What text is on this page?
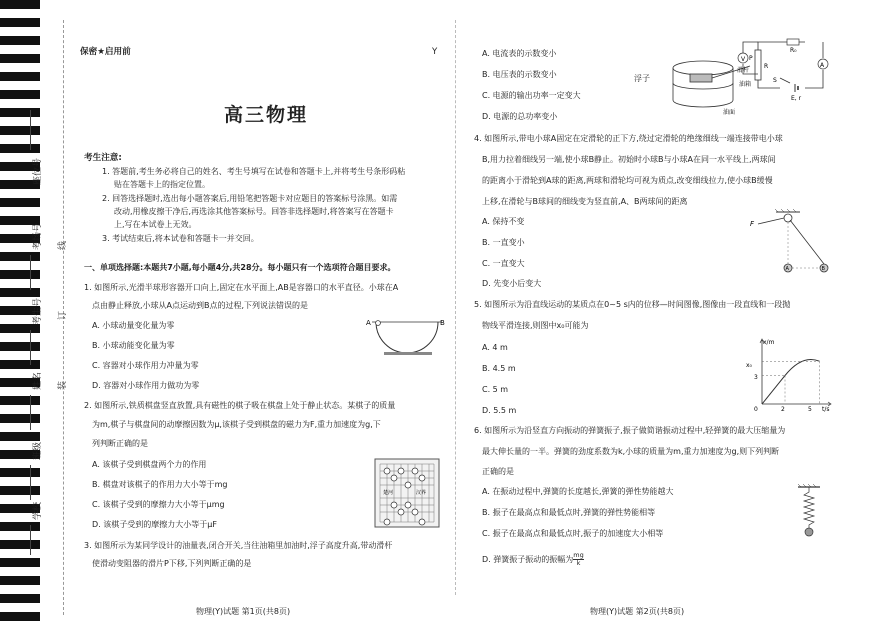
座位号
考场号
考生号
姓名
班级
学校
线
订
装
保密★启用前	Y
高三物理
考生注意:
1. 答题前,考生务必将自己的姓名、考生号填写在试卷和答题卡上,并将考生号条形码粘
贴在答题卡上的指定位置。
2. 回答选择题时,选出每小题答案后,用铅笔把答题卡对应题目的答案标号涂黑。如需
改动,用橡皮擦干净后,再选涂其他答案标号。回答非选择题时,将答案写在答题卡
上,写在本试卷上无效。
3. 考试结束后,将本试卷和答题卡一并交回。
一、单项选择题:本题共7小题,每小题4分,共28分。每小题只有一个选项符合题目要求。
1. 如图所示,光滑半球形容器开口向上,固定在水平面上,AB是容器口的水平直径。小球在A
点由静止释放,小球从A点运动到B点的过程,下列说法错误的是
A. 小球动量变化量为零
B. 小球动能变化量为零
C. 容器对小球作用力冲量为零
D. 容器对小球作用力做功为零
A	B
2. 如图所示,铁质棋盘竖直放置,具有磁性的棋子吸在棋盘上处于静止状态。某棋子的质量
为m,棋子与棋盘间的动摩擦因数为μ,该棋子受到棋盘的磁力为F,重力加速度为g,下
列判断正确的是
A. 该棋子受到棋盘两个力的作用
B. 棋盘对该棋子的作用力大小等于mg
C. 该棋子受到的摩擦力大小等于μmg
D. 该棋子受到的摩擦力大小等于μF
楚河	汉界
3. 如图所示为某同学设计的油量表,闭合开关,当往油箱里加油时,浮子高度升高,带动滑杆
使滑动变阻器的滑片P下移,下列判断正确的是
物理(Y)试题 第1页(共8页)
A. 电流表的示数变小
B. 电压表的示数变小
C. 电源的输出功率一定变大
D. 电源的总功率变小
V
A
R₀
R
P
S
E, r
滑杆
油箱
油面
浮子
4. 如图所示,带电小球A固定在定滑轮的正下方,绕过定滑轮的绝缘细线一端连接带电小球
B,用力拉着细线另一端,使小球B静止。初始时小球B与小球A在同一水平线上,两球间
的距离小于滑轮到A球的距离,两球和滑轮均可视为质点,改变细线拉力,使小球B缓慢
上移,在滑轮与B球间的细线变为竖直前,A、B两球间的距离
A. 保持不变
B. 一直变小
C. 一直变大
D. 先变小后变大
F
A	B
5. 如图所示为沿直线运动的某质点在0~5 s内的位移—时间图像,图像由一段直线和一段抛
物线平滑连接,则图中x₀可能为
A. 4 m
B. 4.5 m
C. 5 m
D. 5.5 m
x/m
t/s
0
x₀
3
2	5
6. 如图所示为沿竖直方向振动的弹簧振子,振子做简谐振动过程中,轻弹簧的最大压缩量为
最大伸长量的一半。弹簧的劲度系数为k,小球的质量为m,重力加速度为g,则下列判断
正确的是
A. 在振动过程中,弹簧的长度越长,弹簧的弹性势能越大
B. 振子在最高点和最低点时,弹簧的弹性势能相等
C. 振子在最高点和最低点时,振子的加速度大小相等
D. 弹簧振子振动的振幅为 $\frac{mg}{k}$
物理(Y)试题 第2页(共8页)
